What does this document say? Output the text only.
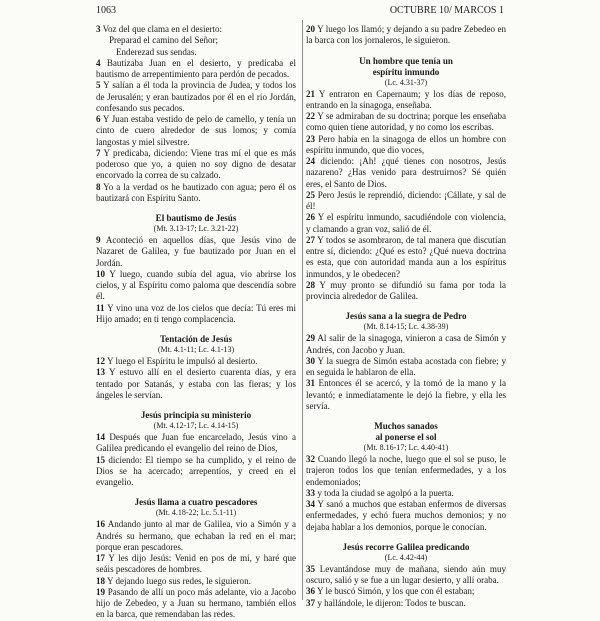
1063	OCTUBRE 10/ MARCOS 1

3 Voz del que clama en el desierto:

Preparad el camino del Señor;

Enderezad sus sendas.

4 Bautizaba Juan en el desierto, y predicaba el bautismo de arrepentimiento para perdón de pecados.

5 Y salían a él toda la provincia de Judea, y todos los de Jerusalén; y eran bautizados por él en el río Jordán, confesando sus pecados.

6 Y Juan estaba vestido de pelo de camello, y tenía un cinto de cuero alrededor de sus lomos; y comía langostas y miel silvestre.

7 Y predicaba, diciendo: Viene tras mí el que es más poderoso que yo, a quien no soy digno de desatar encorvado la correa de su calzado.

8 Yo a la verdad os he bautizado con agua; pero él os bautizará con Espíritu Santo.

El bautismo de Jesús
(Mt. 3.13-17; Lc. 3.21-22)

9 Aconteció en aquellos días, que Jesús vino de Nazaret de Galilea, y fue bautizado por Juan en el Jordán.

10 Y luego, cuando subía del agua, vio abrirse los cielos, y al Espíritu como paloma que descendía sobre él.

11 Y vino una voz de los cielos que decía: Tú eres mi Hijo amado; en ti tengo complacencia.

Tentación de Jesús
(Mt. 4.1-11; Lc. 4.1-13)

12 Y luego el Espíritu le impulsó al desierto.

13 Y estuvo allí en el desierto cuarenta días, y era tentado por Satanás, y estaba con las fieras; y los ángeles le servían.

Jesús principia su ministerio
(Mt. 4.12-17; Lc. 4.14-15)

14 Después que Juan fue encarcelado, Jesús vino a Galilea predicando el evangelio del reino de Dios,

15 diciendo: El tiempo se ha cumplido, y el reino de Dios se ha acercado; arrepentíos, y creed en el evangelio.

Jesús llama a cuatro pescadores
(Mt. 4.18-22; Lc. 5.1-11)

16 Andando junto al mar de Galilea, vio a Simón y a Andrés su hermano, que echaban la red en el mar; porque eran pescadores.

17 Y les dijo Jesús: Venid en pos de mí, y haré que seáis pescadores de hombres.

18 Y dejando luego sus redes, le siguieron.

19 Pasando de allí un poco más adelante, vio a Jacobo hijo de Zebedeo, y a Juan su hermano, también ellos en la barca, que remendaban las redes.

20 Y luego los llamó; y dejando a su padre Zebedeo en la barca con los jornaleros, le siguieron.

Un hombre que tenía un
espíritu inmundo
(Lc. 4.31-37)

21 Y entraron en Capernaum; y los días de reposo, entrando en la sinagoga, enseñaba.

22 Y se admiraban de su doctrina; porque les enseñaba como quien tiene autoridad, y no como los escribas.

23 Pero había en la sinagoga de ellos un hombre con espíritu inmundo, que dio voces,

24 diciendo: ¡Ah! ¿qué tienes con nosotros, Jesús nazareno? ¿Has venido para destruirnos? Sé quién eres, el Santo de Dios.

25 Pero Jesús le reprendió, diciendo: ¡Cállate, y sal de él!

26 Y el espíritu inmundo, sacudiéndole con violencia, y clamando a gran voz, salió de él.

27 Y todos se asombraron, de tal manera que discutían entre sí, diciendo: ¿Qué es esto? ¿Qué nueva doctrina es esta, que con autoridad manda aun a los espíritus inmundos, y le obedecen?

28 Y muy pronto se difundió su fama por toda la provincia alrededor de Galilea.

Jesús sana a la suegra de Pedro
(Mt. 8.14-15; Lc. 4.38-39)

29 Al salir de la sinagoga, vinieron a casa de Simón y Andrés, con Jacobo y Juan.

30 Y la suegra de Simón estaba acostada con fiebre; y en seguida le hablaron de ella.

31 Entonces él se acercó, y la tomó de la mano y la levantó; e inmediatamente le dejó la fiebre, y ella les servía.

Muchos sanados
al ponerse el sol
(Mt. 8.16-17; Lc. 4.40-41)

32 Cuando llegó la noche, luego que el sol se puso, le trajeron todos los que tenían enfermedades, y a los endemoniados;

33 y toda la ciudad se agolpó a la puerta.

34 Y sanó a muchos que estaban enfermos de diversas enfermedades, y echó fuera muchos demonios; y no dejaba hablar a los demonios, porque le conocían.

Jesús recorre Galilea predicando
(Lc. 4.42-44)

35 Levantándose muy de mañana, siendo aún muy oscuro, salió y se fue a un lugar desierto, y allí oraba.

36 Y le buscó Simón, y los que con él estaban;

37 y hallándole, le dijeron: Todos te buscan.
